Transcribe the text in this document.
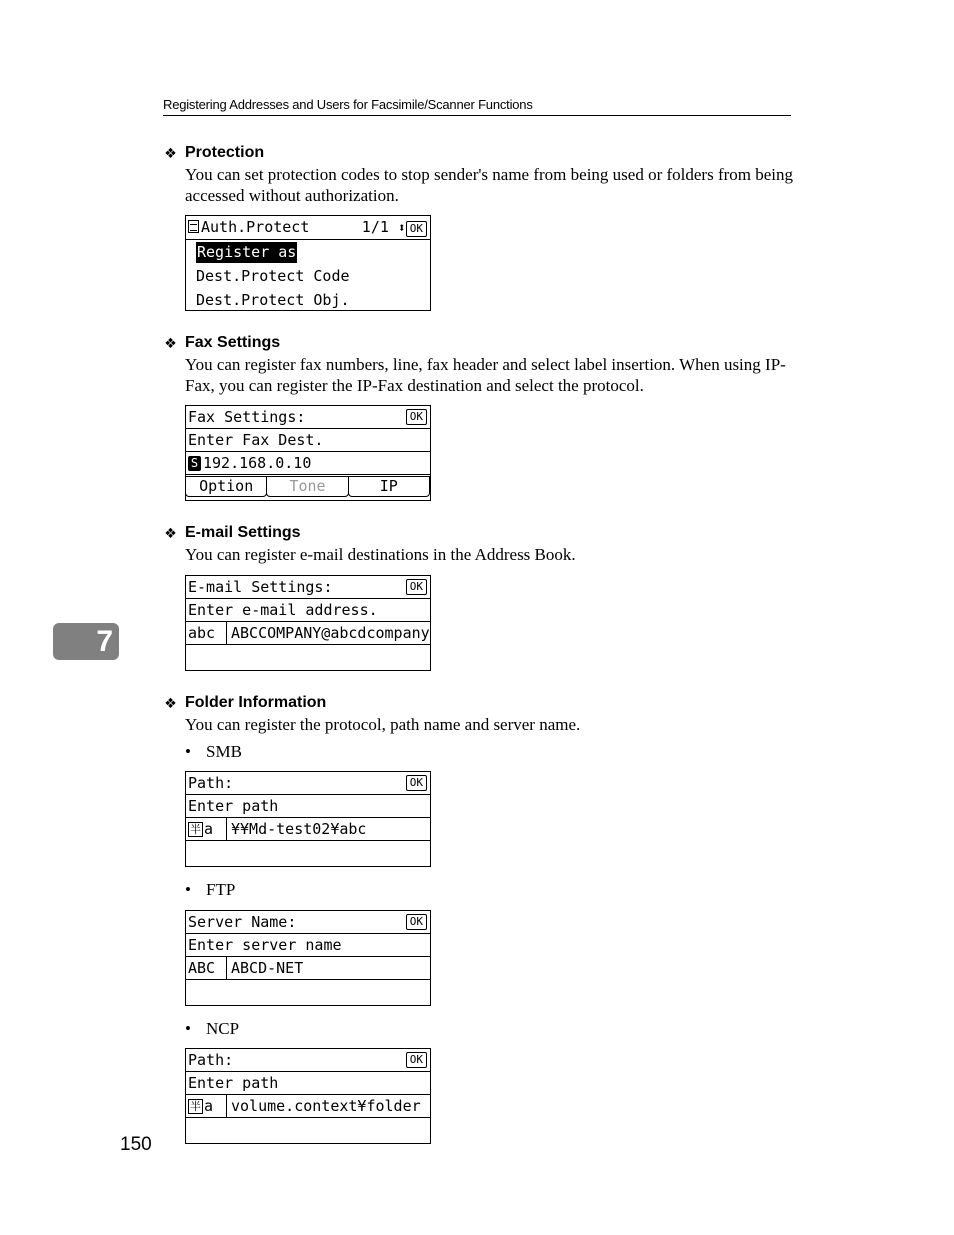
Registering Addresses and Users for Facsimile/Scanner Functions
❖ Protection
You can set protection codes to stop sender's name from being used or folders from being accessed without authorization.
Auth.Protect	1/1 ⬍ OK
Register as
Dest.Protect Code
Dest.Protect Obj.
❖ Fax Settings
You can register fax numbers, line, fax header and select label insertion. When using IP-Fax, you can register the IP-Fax destination and select the protocol.
Fax Settings:	OK
Enter Fax Dest.
S 192.168.0.10
Option	Tone	IP
❖ E-mail Settings
You can register e-mail destinations in the Address Book.
E-mail Settings:	OK
Enter e-mail address.
abc	ABCCOMPANY@abcdcompany
7
❖ Folder Information
You can register the protocol, path name and server name.
• SMB
Path:	OK
Enter path
半 a ¥¥Md-test02¥abc
• FTP
Server Name:	OK
Enter server name
ABC	ABCD-NET
• NCP
Path:	OK
Enter path
半 a volume.context¥folder
150
